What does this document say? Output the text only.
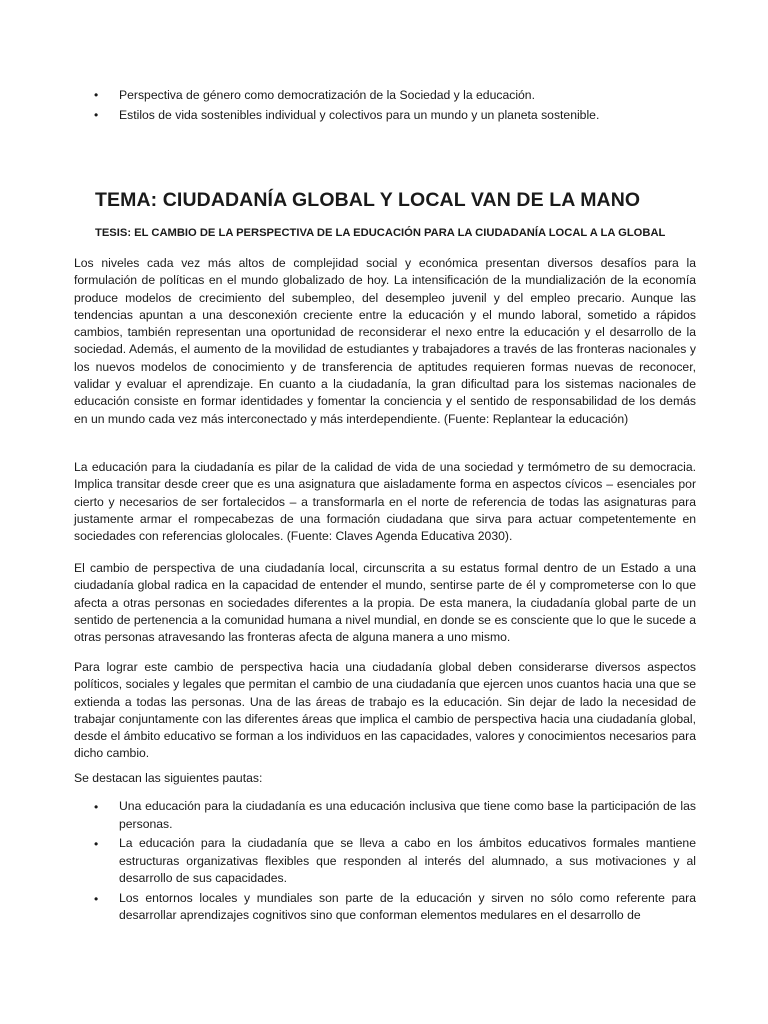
• Perspectiva de género como democratización de la Sociedad y la educación.
• Estilos de vida sostenibles individual y colectivos para un mundo y un planeta sostenible.
TEMA: CIUDADANÍA GLOBAL Y LOCAL VAN DE LA MANO

TESIS: EL CAMBIO DE LA PERSPECTIVA DE LA EDUCACIÓN PARA LA CIUDADANÍA LOCAL A LA GLOBAL

Los niveles cada vez más altos de complejidad social y económica presentan diversos desafíos para la formulación de políticas en el mundo globalizado de hoy. La intensificación de la mundialización de la economía produce modelos de crecimiento del subempleo, del desempleo juvenil y del empleo precario. Aunque las tendencias apuntan a una desconexión creciente entre la educación y el mundo laboral, sometido a rápidos cambios, también representan una oportunidad de reconsiderar el nexo entre la educación y el desarrollo de la sociedad. Además, el aumento de la movilidad de estudiantes y trabajadores a través de las fronteras nacionales y los nuevos modelos de conocimiento y de transferencia de aptitudes requieren formas nuevas de reconocer, validar y evaluar el aprendizaje. En cuanto a la ciudadanía, la gran dificultad para los sistemas nacionales de educación consiste en formar identidades y fomentar la conciencia y el sentido de responsabilidad de los demás en un mundo cada vez más interconectado y más interdependiente. (Fuente: Replantear la educación)

La educación para la ciudadanía es pilar de la calidad de vida de una sociedad y termómetro de su democracia. Implica transitar desde creer que es una asignatura que aisladamente forma en aspectos cívicos – esenciales por cierto y necesarios de ser fortalecidos – a transformarla en el norte de referencia de todas las asignaturas para justamente armar el rompecabezas de una formación ciudadana que sirva para actuar competentemente en sociedades con referencias glolocales. (Fuente: Claves Agenda Educativa 2030).

El cambio de perspectiva de una ciudadanía local, circunscrita a su estatus formal dentro de un Estado a una ciudadanía global radica en la capacidad de entender el mundo, sentirse parte de él y comprometerse con lo que afecta a otras personas en sociedades diferentes a la propia. De esta manera, la ciudadanía global parte de un sentido de pertenencia a la comunidad humana a nivel mundial, en donde se es consciente que lo que le sucede a otras personas atravesando las fronteras afecta de alguna manera a uno mismo.

Para lograr este cambio de perspectiva hacia una ciudadanía global deben considerarse diversos aspectos políticos, sociales y legales que permitan el cambio de una ciudadanía que ejercen unos cuantos hacia una que se extienda a todas las personas. Una de las áreas de trabajo es la educación. Sin dejar de lado la necesidad de trabajar conjuntamente con las diferentes áreas que implica el cambio de perspectiva hacia una ciudadanía global, desde el ámbito educativo se forman a los individuos en las capacidades, valores y conocimientos necesarios para dicho cambio.

Se destacan las siguientes pautas:

• Una educación para la ciudadanía es una educación inclusiva que tiene como base la participación de las personas.
• La educación para la ciudadanía que se lleva a cabo en los ámbitos educativos formales mantiene estructuras organizativas flexibles que responden al interés del alumnado, a sus motivaciones y al desarrollo de sus capacidades.
• Los entornos locales y mundiales son parte de la educación y sirven no sólo como referente para desarrollar aprendizajes cognitivos sino que conforman elementos medulares en el desarrollo de
